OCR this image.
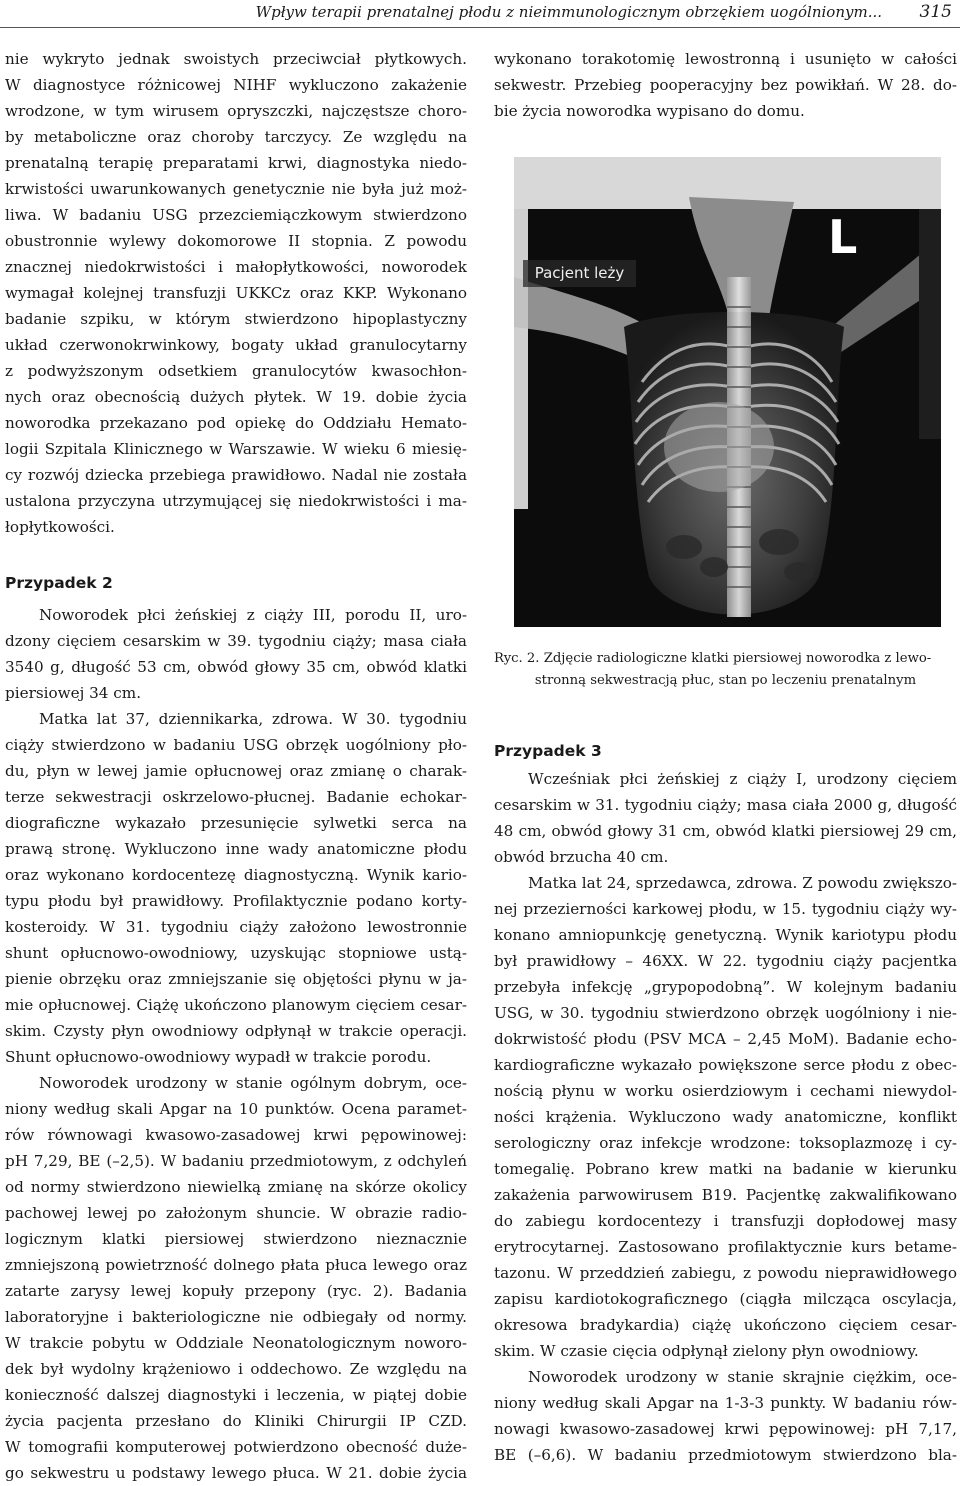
Wpływ terapii prenatalnej płodu z nieimmunologicznym obrzękiem uogólnionym... 315
nie wykryto jednak swoistych przeciwciał płytkowych.
W diagnostyce różnicowej NIHF wykluczono zakażenie
wrodzone, w tym wirusem opryszczki, najczęstsze choro-
by metaboliczne oraz choroby tarczycy. Ze względu na
prenatalną terapię preparatami krwi, diagnostyka niedo-
krwistości uwarunkowanych genetycznie nie była już moż-
liwa. W badaniu USG przezciemiączkowym stwierdzono
obustronnie wylewy dokomorowe II stopnia. Z powodu
znacznej niedokrwistości i małopłytkowości, noworodek
wymagał kolejnej transfuzji UKKCz oraz KKP. Wykonano
badanie szpiku, w którym stwierdzono hipoplastyczny
układ czerwonokrwinkowy, bogaty układ granulocytarny
z podwyższonym odsetkiem granulocytów kwasochłon-
nych oraz obecnością dużych płytek. W 19. dobie życia
noworodka przekazano pod opiekę do Oddziału Hemato-
logii Szpitala Klinicznego w Warszawie. W wieku 6 miesię-
cy rozwój dziecka przebiega prawidłowo. Nadal nie została
ustalona przyczyna utrzymującej się niedokrwistości i ma-
łopłytkowości.
Przypadek 2
Noworodek płci żeńskiej z ciąży III, porodu II, uro-
dzony cięciem cesarskim w 39. tygodniu ciąży; masa ciała
3540 g, długość 53 cm, obwód głowy 35 cm, obwód klatki
piersiowej 34 cm.
Matka lat 37, dziennikarka, zdrowa. W 30. tygodniu
ciąży stwierdzono w badaniu USG obrzęk uogólniony pło-
du, płyn w lewej jamie opłucnowej oraz zmianę o charak-
terze sekwestracji oskrzelowo-płucnej. Badanie echokar-
diograficzne wykazało przesunięcie sylwetki serca na
prawą stronę. Wykluczono inne wady anatomiczne płodu
oraz wykonano kordocentezę diagnostyczną. Wynik kario-
typu płodu był prawidłowy. Profilaktycznie podano korty-
kosteroidy. W 31. tygodniu ciąży założono lewostronnie
shunt opłucnowo-owodniowy, uzyskując stopniowe ustą-
pienie obrzęku oraz zmniejszanie się objętości płynu w ja-
mie opłucnowej. Ciążę ukończono planowym cięciem cesar-
skim. Czysty płyn owodniowy odpłynął w trakcie operacji.
Shunt opłucnowo-owodniowy wypadł w trakcie porodu.
Noworodek urodzony w stanie ogólnym dobrym, oce-
niony według skali Apgar na 10 punktów. Ocena paramet-
rów równowagi kwasowo-zasadowej krwi pępowinowej:
pH 7,29, BE (–2,5). W badaniu przedmiotowym, z odchyleń
od normy stwierdzono niewielką zmianę na skórze okolicy
pachowej lewej po założonym shuncie. W obrazie radio-
logicznym klatki piersiowej stwierdzono nieznacznie
zmniejszoną powietrzność dolnego płata płuca lewego oraz
zatarte zarysy lewej kopuły przepony (ryc. 2). Badania
laboratoryjne i bakteriologiczne nie odbiegały od normy.
W trakcie pobytu w Oddziale Neonatologicznym noworo-
dek był wydolny krążeniowo i oddechowo. Ze względu na
konieczność dalszej diagnostyki i leczenia, w piątej dobie
życia pacjenta przesłano do Kliniki Chirurgii IP CZD.
W tomografii komputerowej potwierdzono obecność duże-
go sekwestru u podstawy lewego płuca. W 21. dobie życia
wykonano torakotomię lewostronną i usunięto w całości
sekwestr. Przebieg pooperacyjny bez powikłań. W 28. do-
bie życia noworodka wypisano do domu.
Pacjent leży
L
Ryc. 2. Zdjęcie radiologiczne klatki piersiowej noworodka z lewo-
stronną sekwestracją płuc, stan po leczeniu prenatalnym
Przypadek 3
Wcześniak płci żeńskiej z ciąży I, urodzony cięciem
cesarskim w 31. tygodniu ciąży; masa ciała 2000 g, długość
48 cm, obwód głowy 31 cm, obwód klatki piersiowej 29 cm,
obwód brzucha 40 cm.
Matka lat 24, sprzedawca, zdrowa. Z powodu zwiększo-
nej przezierności karkowej płodu, w 15. tygodniu ciąży wy-
konano amniopunkcję genetyczną. Wynik kariotypu płodu
był prawidłowy – 46XX. W 22. tygodniu ciąży pacjentka
przebyła infekcję „grypopodobną”. W kolejnym badaniu
USG, w 30. tygodniu stwierdzono obrzęk uogólniony i nie-
dokrwistość płodu (PSV MCA – 2,45 MoM). Badanie echo-
kardiograficzne wykazało powiększone serce płodu z obec-
nością płynu w worku osierdziowym i cechami niewydol-
ności krążenia. Wykluczono wady anatomiczne, konflikt
serologiczny oraz infekcje wrodzone: toksoplazmozę i cy-
tomegalię. Pobrano krew matki na badanie w kierunku
zakażenia parwowirusem B19. Pacjentkę zakwalifikowano
do zabiegu kordocentezy i transfuzji dopłodowej masy
erytrocytarnej. Zastosowano profilaktycznie kurs betame-
tazonu. W przeddzień zabiegu, z powodu nieprawidłowego
zapisu kardiotokograficznego (ciągła milcząca oscylacja,
okresowa bradykardia) ciążę ukończono cięciem cesar-
skim. W czasie cięcia odpłynął zielony płyn owodniowy.
Noworodek urodzony w stanie skrajnie ciężkim, oce-
niony według skali Apgar na 1-3-3 punkty. W badaniu rów-
nowagi kwasowo-zasadowej krwi pępowinowej: pH 7,17,
BE (–6,6). W badaniu przedmiotowym stwierdzono bla-
